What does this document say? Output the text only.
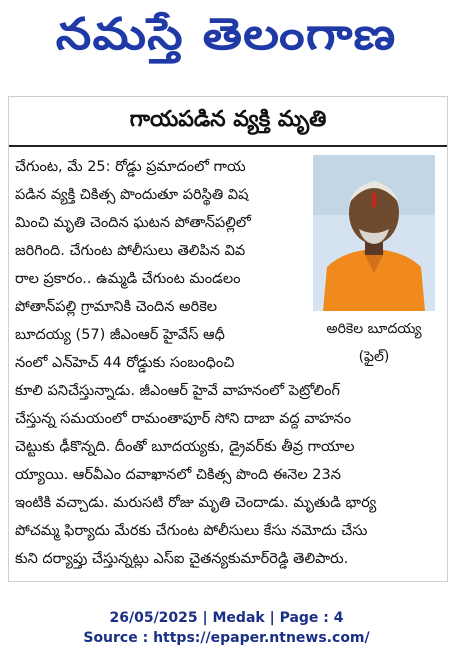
నమస్తే తెలంగాణ
గాయపడిన వ్యక్తి మృతి
అరికెల బూదయ్య
(ఫైల్)
చేగుంట, మే 25: రోడ్డు ప్రమాదంలో గాయ
పడిన వ్యక్తి చికిత్స పొందుతూ పరిస్థితి విష
మించి మృతి చెందిన ఘటన పోతాన్‌పల్లిలో
జరిగింది. చేగుంట పోలీసులు తెలిపిన వివ
రాల ప్రకారం.. ఉమ్మడి చేగుంట మండలం
పోతాన్‌పల్లి గ్రామానికి చెందిన అరికెల
బూదయ్య (57) జీఎంఆర్ హైవేస్ ఆధీ
నంలో ఎన్‌హెచ్ 44 రోడ్డుకు సంబంధించి
కూలి పనిచేస్తున్నాడు. జీఎంఆర్ హైవే వాహనంలో పెట్రోలింగ్
చేస్తున్న సమయంలో రామంతాపూర్ సోని దాబా వద్ద వాహనం
చెట్టుకు ఢీకొన్నది. దీంతో బూదయ్యకు, డ్రైవర్‌కు తీవ్ర గాయాల
య్యాయి. ఆర్‌వీఎం దవాఖానలో చికిత్స పొంది ఈనెల 23న
ఇంటికి వచ్చాడు. మరుసటి రోజు మృతి చెందాడు. మృతుడి భార్య
పోచమ్మ ఫిర్యాదు మేరకు చేగుంట పోలీసులు కేసు నమోదు చేసు
కుని దర్యాప్తు చేస్తున్నట్లు ఎస్ఐ చైతన్యకుమార్‌రెడ్డి తెలిపారు.
26/05/2025 | Medak | Page : 4
Source : https://epaper.ntnews.com/
